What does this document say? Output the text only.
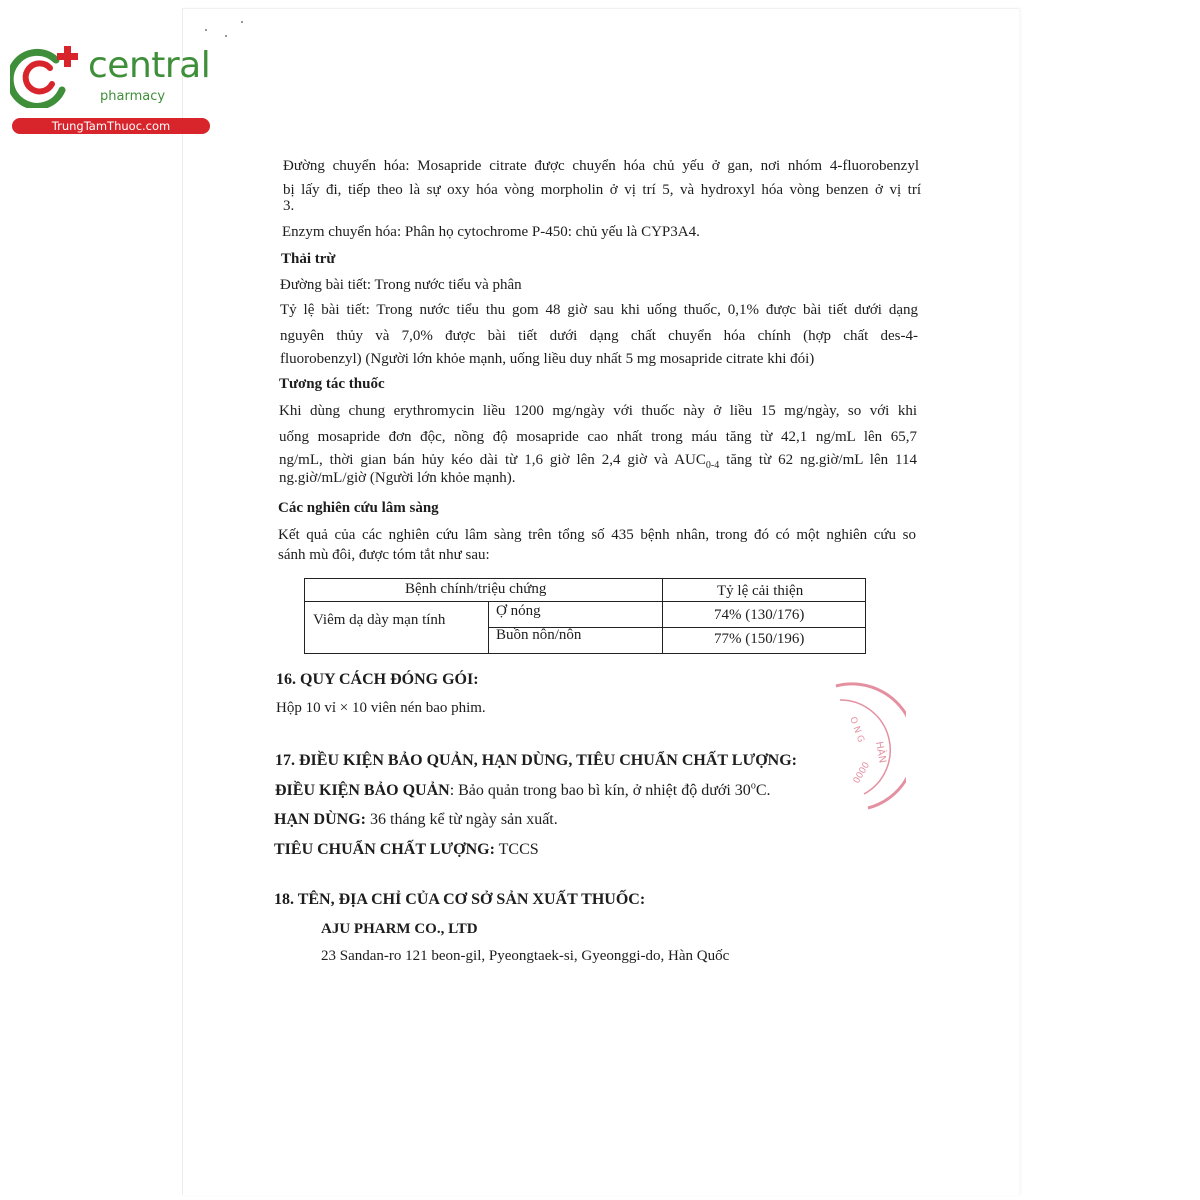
central
pharmacy
TrungTamThuoc.com
Đường chuyển hóa: Mosapride citrate được chuyển hóa chủ yếu ở gan, nơi nhóm 4-fluorobenzyl
bị lấy đi, tiếp theo là sự oxy hóa vòng morpholin ở vị trí 5, và hydroxyl hóa vòng benzen ở vị trí
3.
Enzym chuyển hóa: Phân họ cytochrome P-450: chủ yếu là CYP3A4.
Thải trừ
Đường bài tiết: Trong nước tiểu và phân
Tỷ lệ bài tiết: Trong nước tiểu thu gom 48 giờ sau khi uống thuốc, 0,1% được bài tiết dưới dạng
nguyên thủy và 7,0% được bài tiết dưới dạng chất chuyển hóa chính (hợp chất des-4-
fluorobenzyl) (Người lớn khỏe mạnh, uống liều duy nhất 5 mg mosapride citrate khi đói)
Tương tác thuốc
Khi dùng chung erythromycin liều 1200 mg/ngày với thuốc này ở liều 15 mg/ngày, so với khi
uống mosapride đơn độc, nồng độ mosapride cao nhất trong máu tăng từ 42,1 ng/mL lên 65,7
ng/mL, thời gian bán hủy kéo dài từ 1,6 giờ lên 2,4 giờ và $AUC_{0-4}$ tăng từ 62 ng.giờ/mL lên 114
ng.giờ/mL/giờ (Người lớn khỏe mạnh).
Các nghiên cứu lâm sàng
Kết quả của các nghiên cứu lâm sàng trên tổng số 435 bệnh nhân, trong đó có một nghiên cứu so
sánh mù đôi, được tóm tắt như sau:
Bệnh chính/triệu chứng	Tỷ lệ cải thiện
Viêm dạ dày mạn tính
Ợ nóng	74% (130/176)
Buồn nôn/nôn	77% (150/196)
16. QUY CÁCH ĐÓNG GÓI:
Hộp 10 vỉ × 10 viên nén bao phim.
17. ĐIỀU KIỆN BẢO QUẢN, HẠN DÙNG, TIÊU CHUẨN CHẤT LƯỢNG:
ĐIỀU KIỆN BẢO QUẢN: Bảo quản trong bao bì kín, ở nhiệt độ dưới 30$^o$C.
HẠN DÙNG: 36 tháng kể từ ngày sản xuất.
TIÊU CHUẨN CHẤT LƯỢNG: TCCS
18. TÊN, ĐỊA CHỈ CỦA CƠ SỞ SẢN XUẤT THUỐC:
AJU PHARM CO., LTD
23 Sandan-ro 121 beon-gil, Pyeongtaek-si, Gyeonggi-do, Hàn Quốc
HÀN
O N G
0000
